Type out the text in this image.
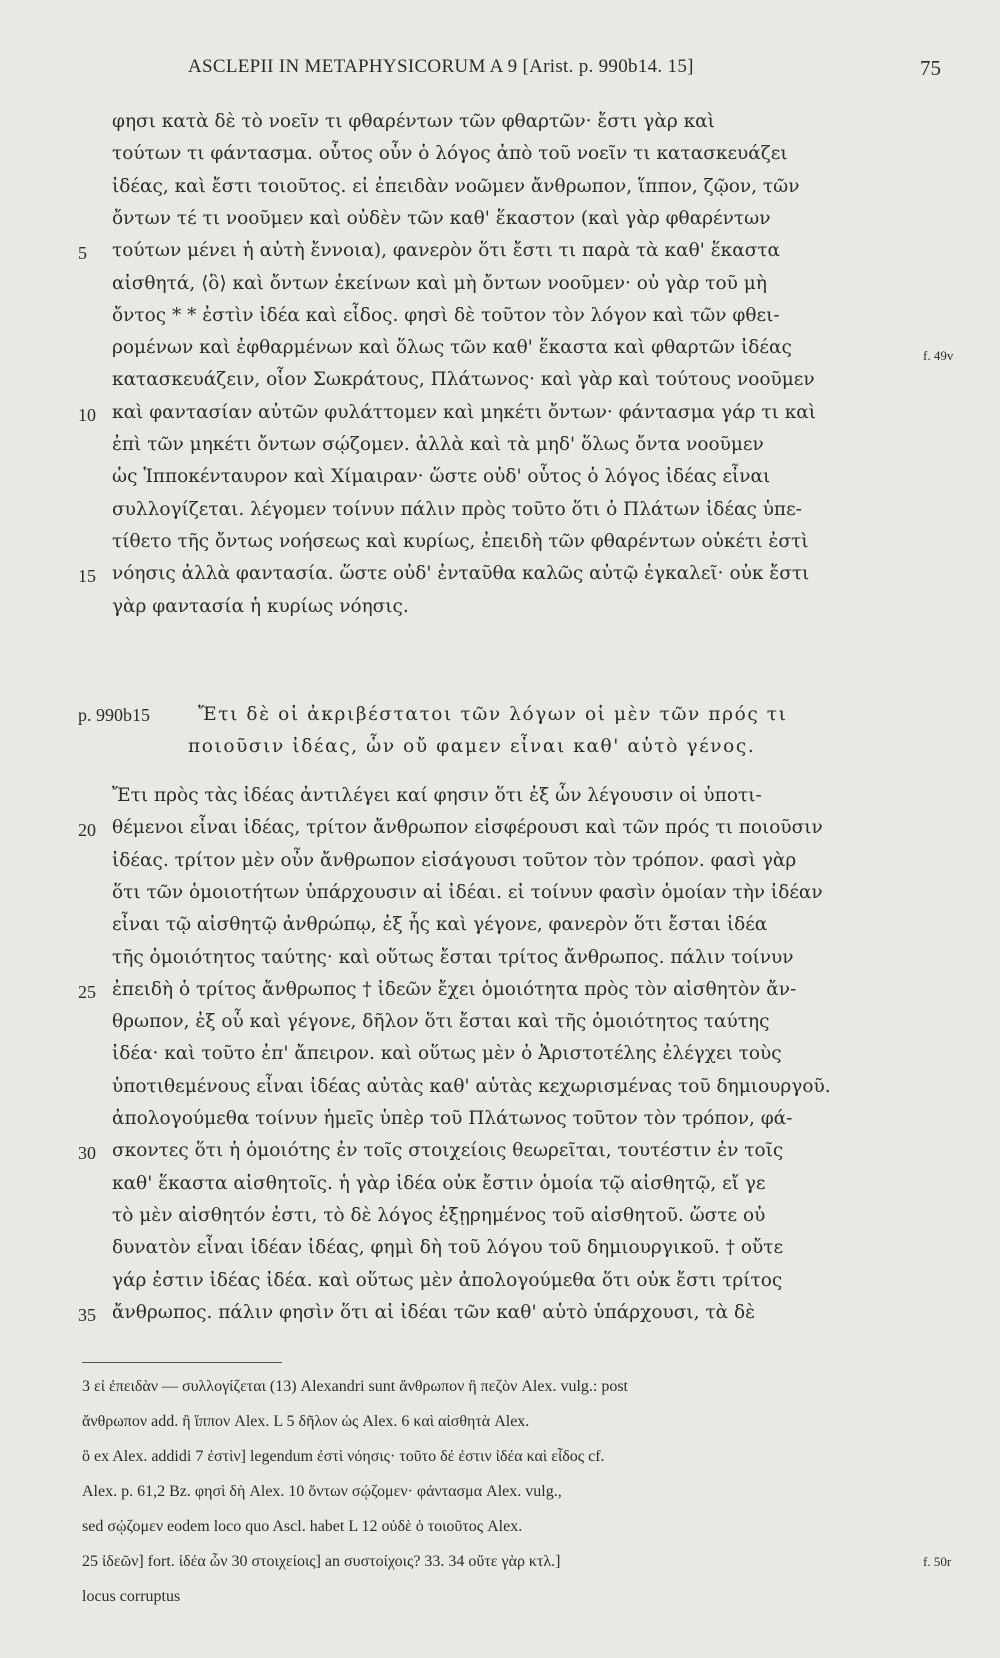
ASCLEPII IN METAPHYSICORUM A 9 [Arist. p. 990b14. 15]	75
φησι κατὰ δὲ τὸ νοεῖν τι φθαρέντων τῶν φθαρτῶν· ἔστι γὰρ καὶ
τούτων τι φάντασμα. οὗτος οὖν ὁ λόγος ἀπὸ τοῦ νοεῖν τι κατασκευάζει
ἰδέας, καὶ ἔστι τοιοῦτος. εἰ ἐπειδὰν νοῶμεν ἄνθρωπον, ἵππον, ζῷον, τῶν
ὄντων τέ τι νοοῦμεν καὶ οὐδὲν τῶν καθ' ἕκαστον (καὶ γὰρ φθαρέντων
5	τούτων μένει ἡ αὐτὴ ἔννοια), φανερὸν ὅτι ἔστι τι παρὰ τὰ καθ' ἕκαστα
αἰσθητά, ⟨ὃ⟩ καὶ ὄντων ἐκείνων καὶ μὴ ὄντων νοοῦμεν· οὐ γὰρ τοῦ μὴ
ὄντος * * ἐστὶν ἰδέα καὶ εἶδος. φησὶ δὲ τοῦτον τὸν λόγον καὶ τῶν φθει-
ρομένων καὶ ἐφθαρμένων καὶ ὅλως τῶν καθ' ἕκαστα καὶ φθαρτῶν ἰδέας
κατασκευάζειν, οἷον Σωκράτους, Πλάτωνος· καὶ γὰρ καὶ τούτους νοοῦμεν
10 καὶ φαντασίαν αὐτῶν φυλάττομεν καὶ μηκέτι ὄντων· φάντασμα γάρ τι καὶ
ἐπὶ τῶν μηκέτι ὄντων σῴζομεν. ἀλλὰ καὶ τὰ μηδ' ὅλως ὄντα νοοῦμεν
ὡς Ἱπποκένταυρον καὶ Χίμαιραν· ὥστε οὐδ' οὗτος ὁ λόγος ἰδέας εἶναι
συλλογίζεται. λέγομεν τοίνυν πάλιν πρὸς τοῦτο ὅτι ὁ Πλάτων ἰδέας ὑπε-
τίθετο τῆς ὄντως νοήσεως καὶ κυρίως, ἐπειδὴ τῶν φθαρέντων οὐκέτι ἐστὶ
15 νόησις ἀλλὰ φαντασία. ὥστε οὐδ' ἐνταῦθα καλῶς αὐτῷ ἐγκαλεῖ· οὐκ ἔστι
γὰρ φαντασία ἡ κυρίως νόησις.
f. 49v
f. 50r
p. 990b15	Ἔτι δὲ οἱ ἀκριβέστατοι τῶν λόγων οἱ μὲν τῶν πρός τι
ποιοῦσιν ἰδέας, ὧν οὔ φαμεν εἶναι καθ' αὑτὸ γένος.
Ἔτι πρὸς τὰς ἰδέας ἀντιλέγει καί φησιν ὅτι ἐξ ὧν λέγουσιν οἱ ὑποτι-
20 θέμενοι εἶναι ἰδέας, τρίτον ἄνθρωπον εἰσφέρουσι καὶ τῶν πρός τι ποιοῦσιν
ἰδέας. τρίτον μὲν οὖν ἄνθρωπον εἰσάγουσι τοῦτον τὸν τρόπον. φασὶ γὰρ
ὅτι τῶν ὁμοιοτήτων ὑπάρχουσιν αἱ ἰδέαι. εἰ τοίνυν φασὶν ὁμοίαν τὴν ἰδέαν
εἶναι τῷ αἰσθητῷ ἀνθρώπῳ, ἐξ ἧς καὶ γέγονε, φανερὸν ὅτι ἔσται ἰδέα
τῆς ὁμοιότητος ταύτης· καὶ οὕτως ἔσται τρίτος ἄνθρωπος. πάλιν τοίνυν
25 ἐπειδὴ ὁ τρίτος ἄνθρωπος † ἰδεῶν ἔχει ὁμοιότητα πρὸς τὸν αἰσθητὸν ἄν-
θρωπον, ἐξ οὗ καὶ γέγονε, δῆλον ὅτι ἔσται καὶ τῆς ὁμοιότητος ταύτης
ἰδέα· καὶ τοῦτο ἐπ' ἄπειρον. καὶ οὕτως μὲν ὁ Ἀριστοτέλης ἐλέγχει τοὺς
ὑποτιθεμένους εἶναι ἰδέας αὐτὰς καθ' αὑτὰς κεχωρισμένας τοῦ δημιουργοῦ.
ἀπολογούμεθα τοίνυν ἡμεῖς ὑπὲρ τοῦ Πλάτωνος τοῦτον τὸν τρόπον, φά-
30 σκοντες ὅτι ἡ ὁμοιότης ἐν τοῖς στοιχείοις θεωρεῖται, τουτέστιν ἐν τοῖς
καθ' ἕκαστα αἰσθητοῖς. ἡ γὰρ ἰδέα οὐκ ἔστιν ὁμοία τῷ αἰσθητῷ, εἴ γε
τὸ μὲν αἰσθητόν ἐστι, τὸ δὲ λόγος ἐξῃρημένος τοῦ αἰσθητοῦ. ὥστε οὐ
δυνατὸν εἶναι ἰδέαν ἰδέας, φημὶ δὴ τοῦ λόγου τοῦ δημιουργικοῦ. † οὔτε
γάρ ἐστιν ἰδέας ἰδέα. καὶ οὕτως μὲν ἀπολογούμεθα ὅτι οὐκ ἔστι τρίτος
35 ἄνθρωπος. πάλιν φησὶν ὅτι αἱ ἰδέαι τῶν καθ' αὑτὸ ὑπάρχουσι, τὰ δὲ
3 εἰ ἐπειδὰν — συλλογίζεται (13) Alexandri sunt ἄνθρωπον ἢ πεζὸν Alex. vulg.: post
ἄνθρωπον add. ἢ ἵππον Alex. L 5 δῆλον ὡς Alex. 6 καὶ αἰσθητὰ Alex.
ὃ ex Alex. addidi 7 ἐστὶν] legendum ἐστὶ νόησις· τοῦτο δέ ἐστιν ἰδέα καὶ εἶδος cf.
Alex. p. 61,2 Bz. φησὶ δὴ Alex. 10 ὄντων σῴζομεν· φάντασμα Alex. vulg.,
sed σῴζομεν eodem loco quo Ascl. habet L 12 οὐδὲ ὁ τοιοῦτος Alex.
25 ἰδεῶν] fort. ἰδέα ὧν 30 στοιχείοις] an συστοίχοις? 33. 34 οὔτε γὰρ κτλ.]
locus corruptus
